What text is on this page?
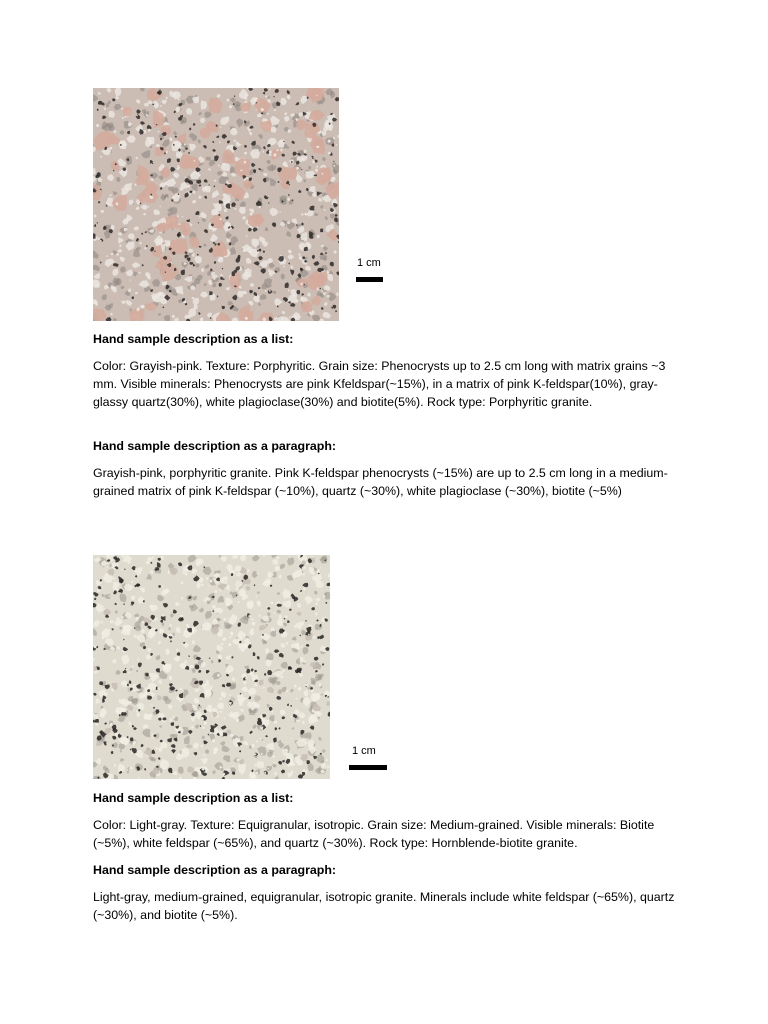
1 cm
Hand sample description as a list:
Color: Grayish-pink. Texture: Porphyritic. Grain size: Phenocrysts up to 2.5 cm long with matrix grains ~3 mm. Visible minerals: Phenocrysts are pink Kfeldspar(~15%), in a matrix of pink K-feldspar(10%), gray-glassy quartz(30%), white plagioclase(30%) and biotite(5%). Rock type: Porphyritic granite.
Hand sample description as a paragraph:
Grayish-pink, porphyritic granite. Pink K-feldspar phenocrysts (~15%) are up to 2.5 cm long in a medium-grained matrix of pink K-feldspar (~10%), quartz (~30%), white plagioclase (~30%), biotite (~5%)
1 cm
Hand sample description as a list:
Color: Light-gray. Texture: Equigranular, isotropic. Grain size: Medium-grained. Visible minerals: Biotite (~5%), white feldspar (~65%), and quartz (~30%). Rock type: Hornblende-biotite granite.
Hand sample description as a paragraph:
Light-gray, medium-grained, equigranular, isotropic granite. Minerals include white feldspar (~65%), quartz (~30%), and biotite (~5%).
